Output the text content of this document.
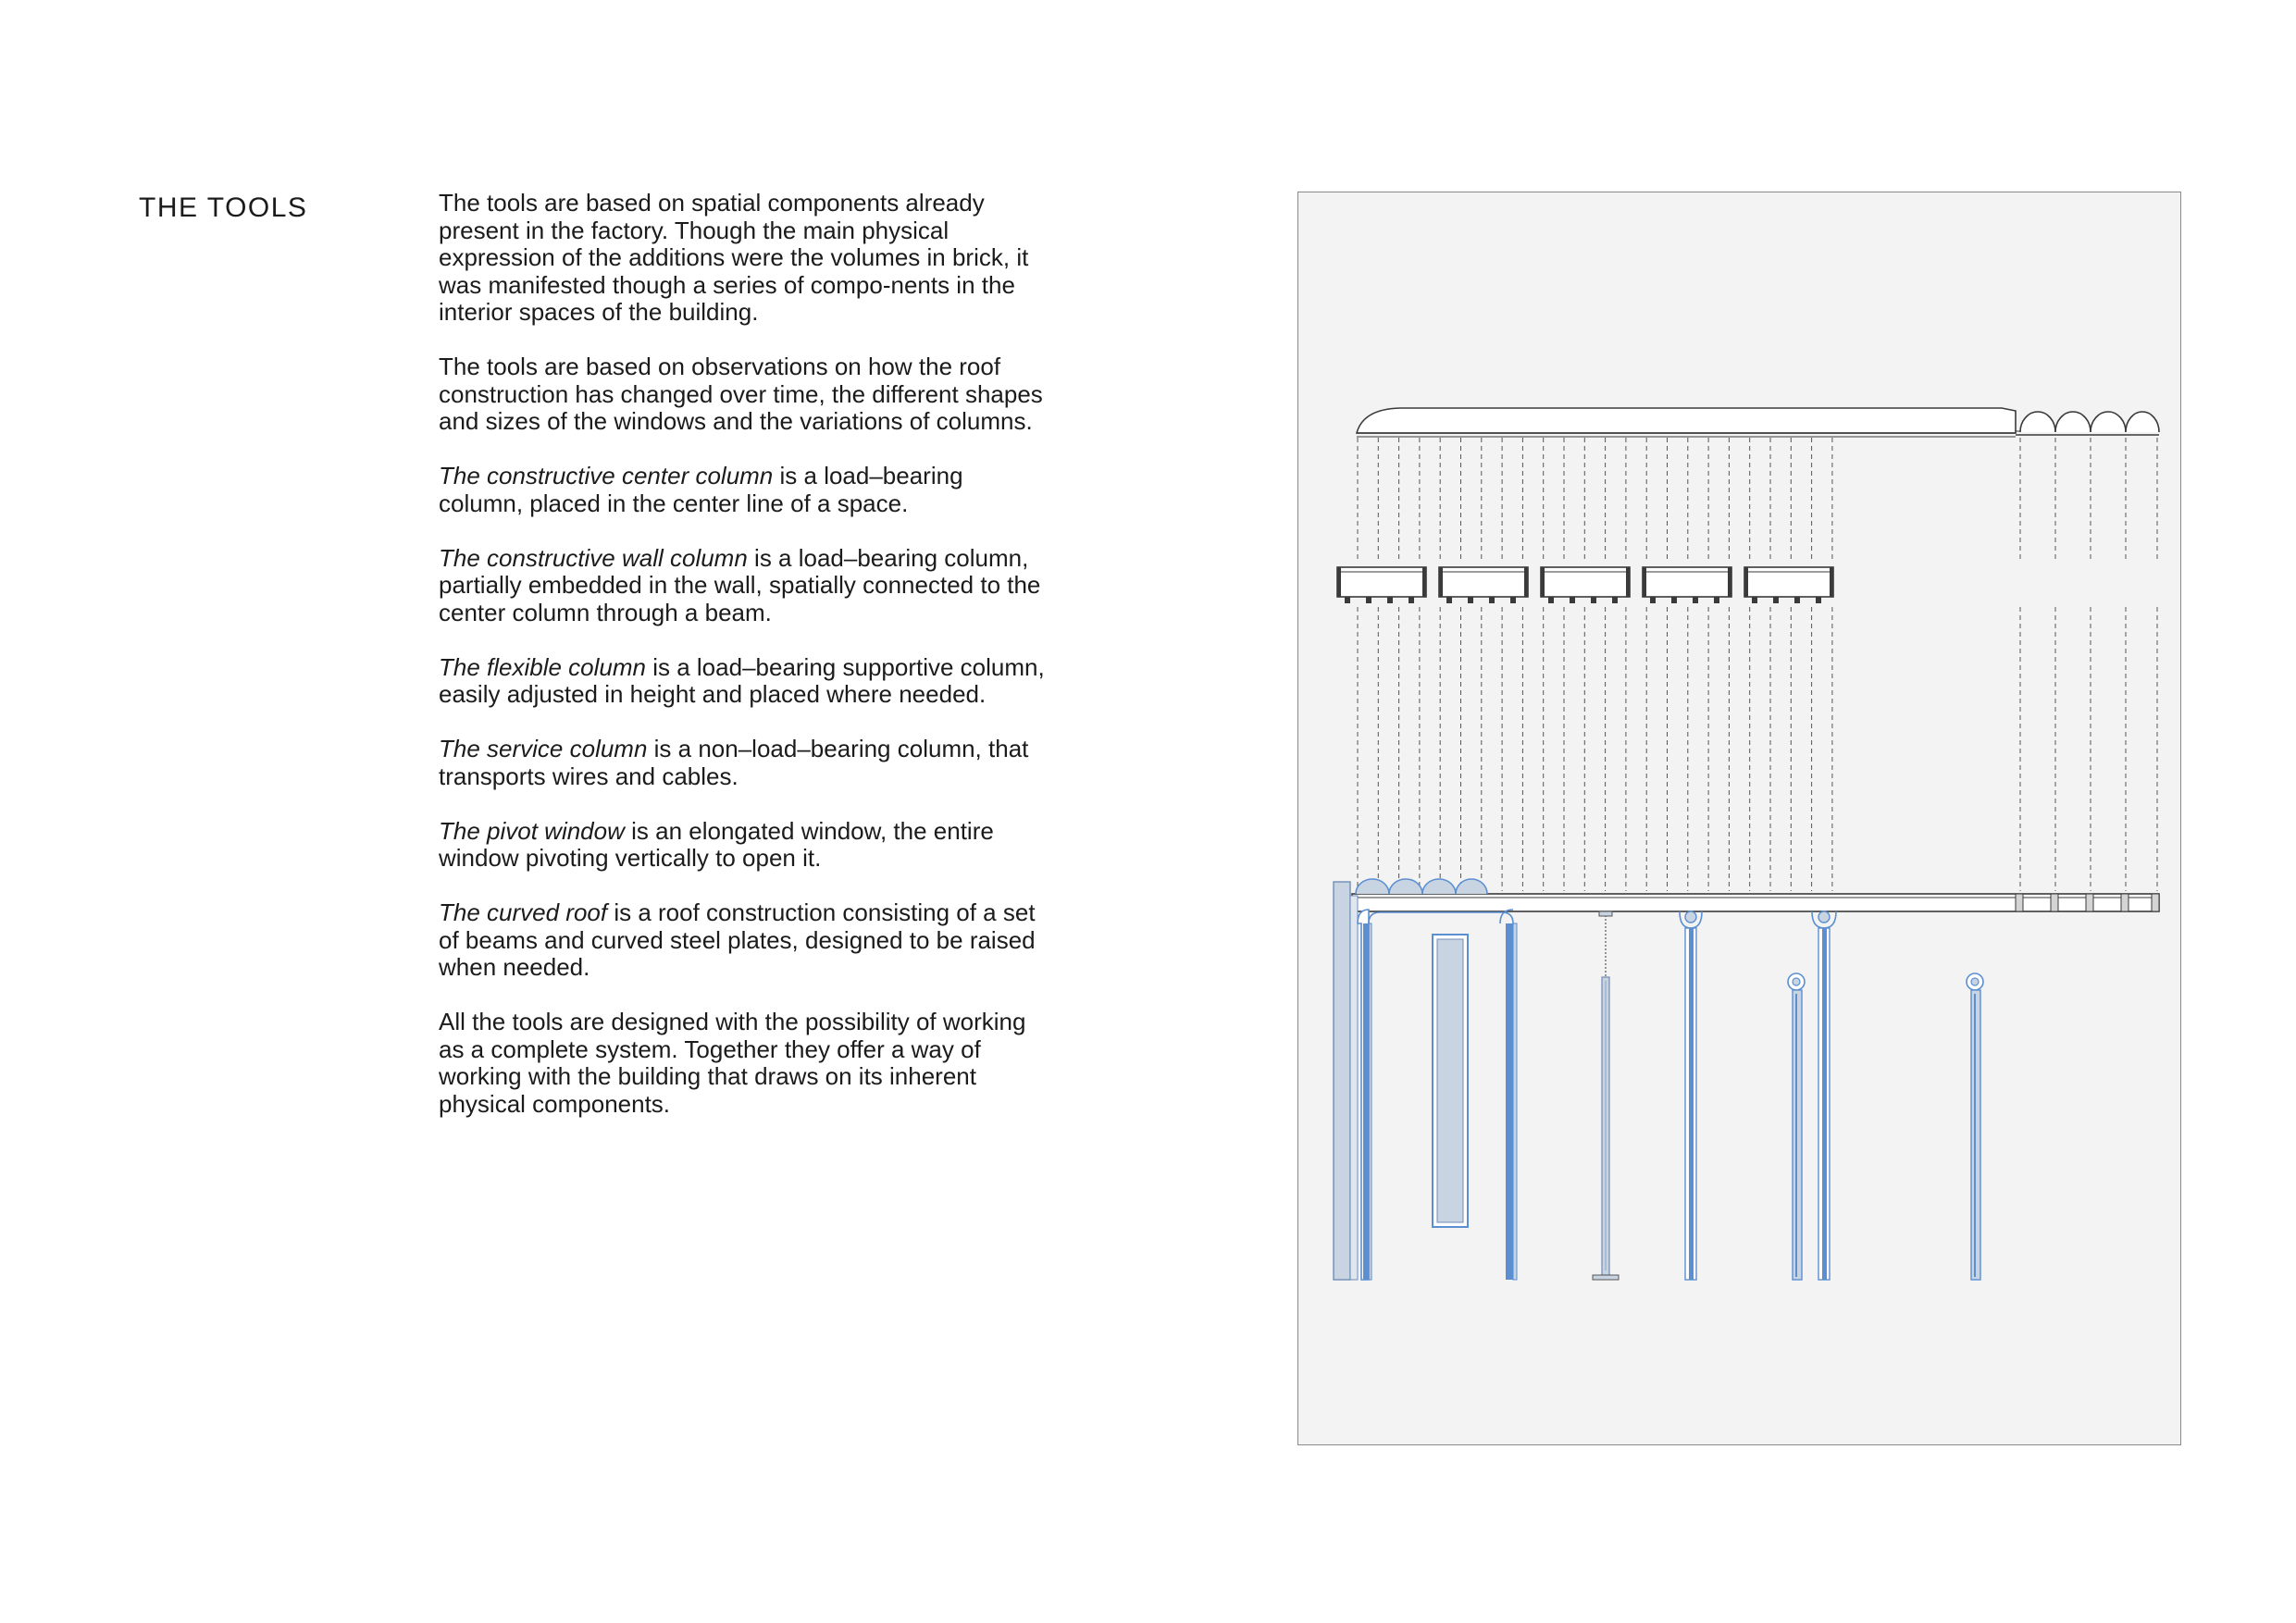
THE TOOLS	The tools are based on spatial components already present in the factory. Though the main physical expression of the additions were the volumes in brick, it was manifested though a series of compo-nents in the interior spaces of the building.

The tools are based on observations on how the roof construction has changed over time, the different shapes and sizes of the windows and the variations of columns.

The constructive center column is a load–bearing column, placed in the center line of a space.

The constructive wall column is a load–bearing column, partially embedded in the wall, spatially connected to the center column through a beam.

The flexible column is a load–bearing supportive column, easily adjusted in height and placed where needed.

The service column is a non–load–bearing column, that transports wires and cables.

The pivot window is an elongated window, the entire window pivoting vertically to open it.

The curved roof is a roof construction consisting of a set of beams and curved steel plates, designed to be raised when needed.

All the tools are designed with the possibility of working as a complete system. Together they offer a way of working with the building that draws on its inherent physical components.
